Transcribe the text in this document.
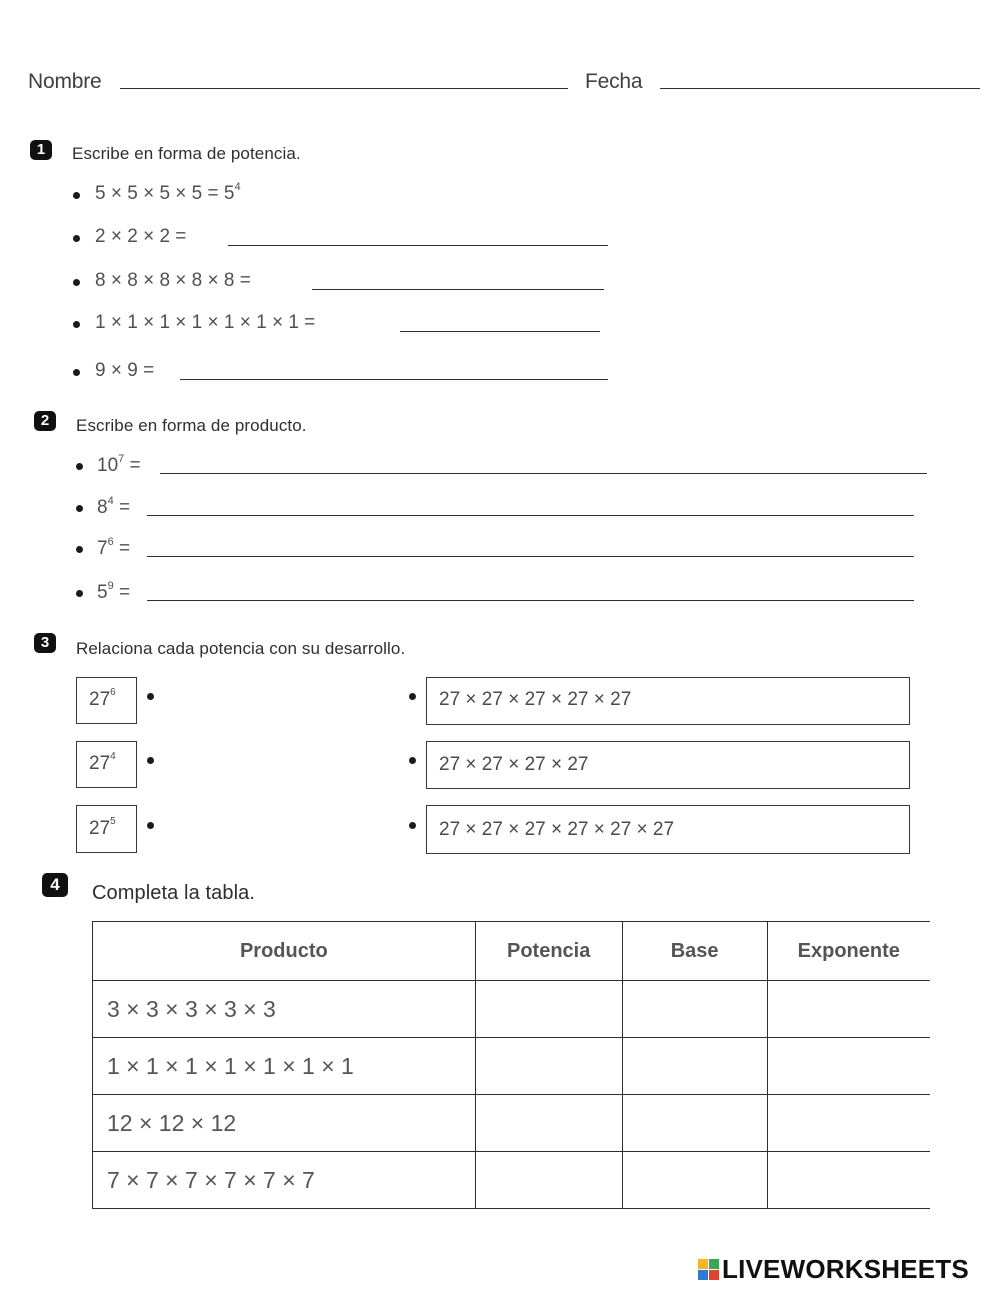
Nombre	Fecha
1	Escribe en forma de potencia.
$5 \times 5 \times 5 \times 5 = 5^4$
2 × 2 × 2 =
8 × 8 × 8 × 8 × 8 =
1 × 1 × 1 × 1 × 1 × 1 × 1 =
9 × 9 =
2	Escribe en forma de producto.
$10^7$ =
$8^4$ =
$7^6$ =
$5^9$ =
3	Relaciona cada potencia con su desarrollo.
$27^6$	27 × 27 × 27 × 27 × 27
$27^4$	27 × 27 × 27 × 27
$27^5$	27 × 27 × 27 × 27 × 27 × 27
4	Completa la tabla.
Producto	Potencia	Base	Exponente
3 × 3 × 3 × 3 × 3			
1 × 1 × 1 × 1 × 1 × 1 × 1			
12 × 12 × 12			
7 × 7 × 7 × 7 × 7 × 7			
LIVEWORKSHEETS
